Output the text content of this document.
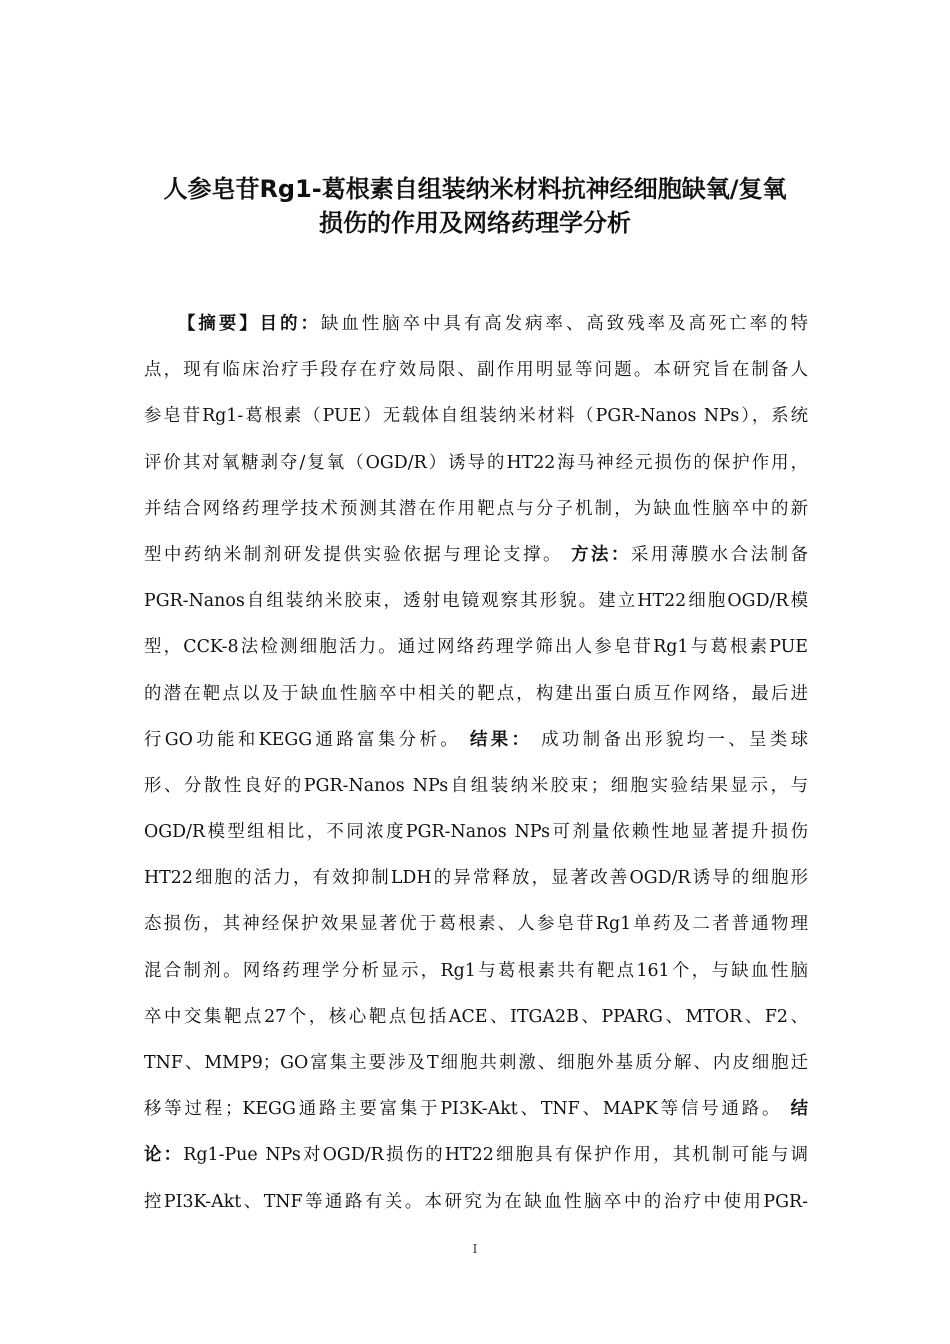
人参皂苷Rg1-葛根素自组装纳米材料抗神经细胞缺氧/复氧
损伤的作用及网络药理学分析
【摘要】目的：缺血性脑卒中具有高发病率、高致残率及高死亡率的特
点，现有临床治疗手段存在疗效局限、副作用明显等问题。本研究旨在制备人
参皂苷Rg1-葛根素（PUE）无载体自组装纳米材料（PGR-Nanos NPs），系统
评价其对氧糖剥夺/复氧（OGD/R）诱导的HT22海马神经元损伤的保护作用，
并结合网络药理学技术预测其潜在作用靶点与分子机制，为缺血性脑卒中的新
型中药纳米制剂研发提供实验依据与理论支撑。 方法：采用薄膜水合法制备
PGR-Nanos自组装纳米胶束，透射电镜观察其形貌。建立HT22细胞OGD/R模
型，CCK-8法检测细胞活力。通过网络药理学筛出人参皂苷Rg1与葛根素PUE
的潜在靶点以及于缺血性脑卒中相关的靶点，构建出蛋白质互作网络，最后进
行GO功能和KEGG通路富集分析。 结果： 成功制备出形貌均一、呈类球
形、分散性良好的PGR-Nanos NPs自组装纳米胶束；细胞实验结果显示，与
OGD/R模型组相比，不同浓度PGR-Nanos NPs可剂量依赖性地显著提升损伤
HT22细胞的活力，有效抑制LDH的异常释放，显著改善OGD/R诱导的细胞形
态损伤，其神经保护效果显著优于葛根素、人参皂苷Rg1单药及二者普通物理
混合制剂。网络药理学分析显示，Rg1与葛根素共有靶点161个，与缺血性脑
卒中交集靶点27个，核心靶点包括ACE、ITGA2B、PPARG、MTOR、F2、
TNF、MMP9；GO富集主要涉及T细胞共刺激、细胞外基质分解、内皮细胞迁
移等过程；KEGG通路主要富集于PI3K-Akt、TNF、MAPK等信号通路。 结
论：Rg1-Pue NPs对OGD/R损伤的HT22细胞具有保护作用，其机制可能与调
控PI3K-Akt、TNF等通路有关。本研究为在缺血性脑卒中的治疗中使用PGR-
I
